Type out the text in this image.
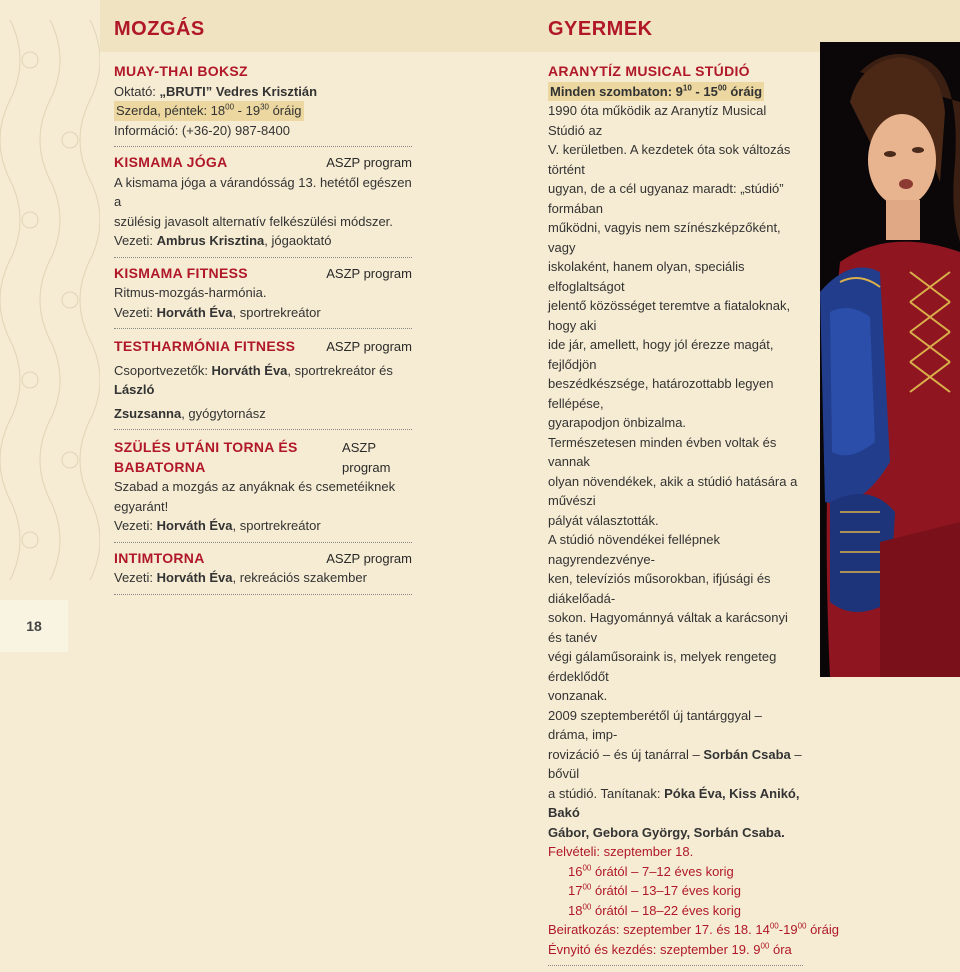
18
MOZGÁS	GYERMEK
MUAY-THAI BOKSZ
Oktató: „BRUTI” Vedres Krisztián
Szerda, péntek: $18^{00} - 19^{30}$ óráig
Információ: (+36-20) 987-8400
KISMAMA JÓGA	ASZP program
A kismama jóga a várandósság 13. hetétől egészen a
szülésig javasolt alternatív felkészülési módszer.
Vezeti: Ambrus Krisztina, jógaoktató
KISMAMA FITNESS	ASZP program
Ritmus-mozgás-harmónia.
Vezeti: Horváth Éva, sportrekreátor
TESTHARMÓNIA FITNESS ASZP program
Csoportvezetők: Horváth Éva, sportrekreátor és László
Zsuzsanna, gyógytornász
SZÜLÉS UTÁNI TORNA ÉS BABATORNA
ASZP program
Szabad a mozgás az anyáknak és csemetéiknek egyaránt!
Vezeti: Horváth Éva, sportrekreátor
INTIMTORNA	ASZP program
Vezeti: Horváth Éva, rekreációs szakember
ARANYTÍZ MUSICAL STÚDIÓ
Minden szombaton: $9^{10} - 15^{00}$ óráig
1990 óta működik az Aranytíz Musical Stúdió az
V. kerületben. A kezdetek óta sok változás történt
ugyan, de a cél ugyanaz maradt: „stúdió” formában
működni, vagyis nem színészképzőként, vagy
iskolaként, hanem olyan, speciális elfoglaltságot
jelentő közösséget teremtve a fiataloknak, hogy aki
ide jár, amellett, hogy jól érezze magát, fejlődjön
beszédkészsége, határozottabb legyen fellépése,
gyarapodjon önbizalma.
Természetesen minden évben voltak és vannak
olyan növendékek, akik a stúdió hatására a művészi
pályát választották.
A stúdió növendékei fellépnek nagyrendezvénye-
ken, televíziós műsorokban, ifjúsági és diákelőadá-
sokon. Hagyománnyá váltak a karácsonyi és tanév
végi gálaműsoraink is, melyek rengeteg érdeklődőt
vonzanak.
2009 szeptemberétől új tantárggyal – dráma, imp-
rovizáció – és új tanárral – Sorbán Csaba – bővül
a stúdió. Tanítanak: Póka Éva, Kiss Anikó, Bakó
Gábor, Gebora György, Sorbán Csaba.
Felvételi: szeptember 18.
$16^{00}$ órától – 7–12 éves korig
$17^{00}$ órától – 13–17 éves korig
$18^{00}$ órától – 18–22 éves korig
Beiratkozás: szeptember 17. és 18. $14^{00}-19^{00}$ óráig
Évnyitó és kezdés: szeptember 19. $9^{00}$ óra
